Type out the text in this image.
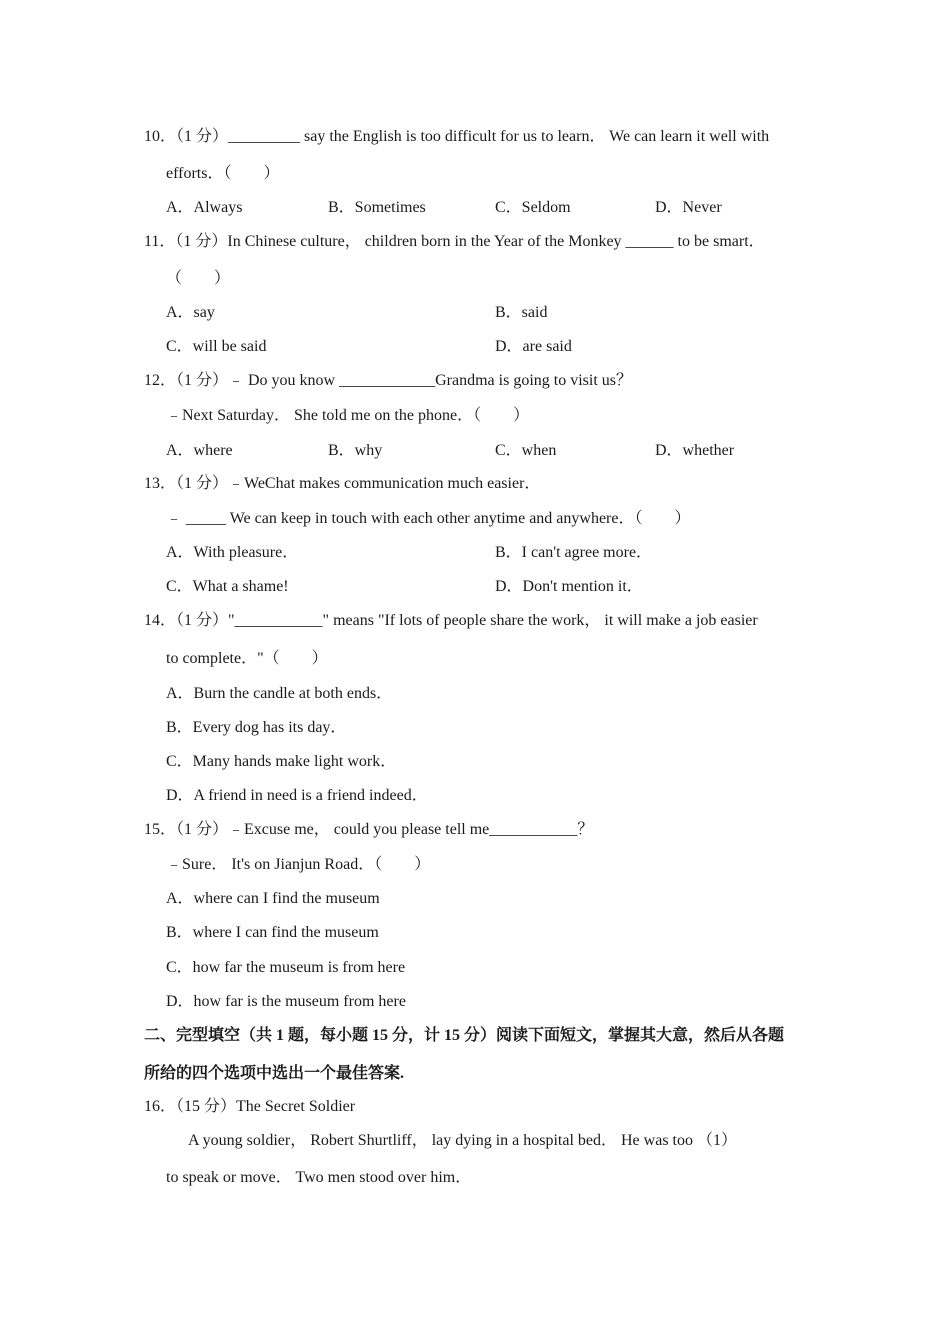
10．（1 分）_________ say the English is too difficult for us to learn． We can learn it well with
efforts．（　　）
A．Always	B．Sometimes	C．Seldom	D．Never
11．（1 分）In Chinese culture， children born in the Year of the Monkey ______ to be smart．
（　　）
A．say	B．said
C．will be said	D．are said
12．（1 分）﹣ Do you know ____________Grandma is going to visit us？
﹣Next Saturday． She told me on the phone．（　　）
A．where	B．why	C．when	D．whether
13．（1 分）﹣WeChat makes communication much easier．
﹣ _____ We can keep in touch with each other anytime and anywhere．（　　）
A．With pleasure．	B．I can't agree more．
C．What a shame!	D．Don't mention it．
14．（1 分）"___________" means "If lots of people share the work， it will make a job easier
to complete．"（　　）
A．Burn the candle at both ends．
B．Every dog has its day．
C．Many hands make light work．
D．A friend in need is a friend indeed．
15．（1 分）﹣Excuse me， could you please tell me___________？
﹣Sure． It's on Jianjun Road．（　　）
A．where can I find the museum
B．where I can find the museum
C．how far the museum is from here
D．how far is the museum from here
二、完型填空（共 1 题，每小题 15 分，计 15 分）阅读下面短文，掌握其大意，然后从各题
所给的四个选项中选出一个最佳答案.
16．（15 分）The Secret Soldier
A young soldier， Robert Shurtliff， lay dying in a hospital bed． He was too （1）
to speak or move． Two men stood over him．
